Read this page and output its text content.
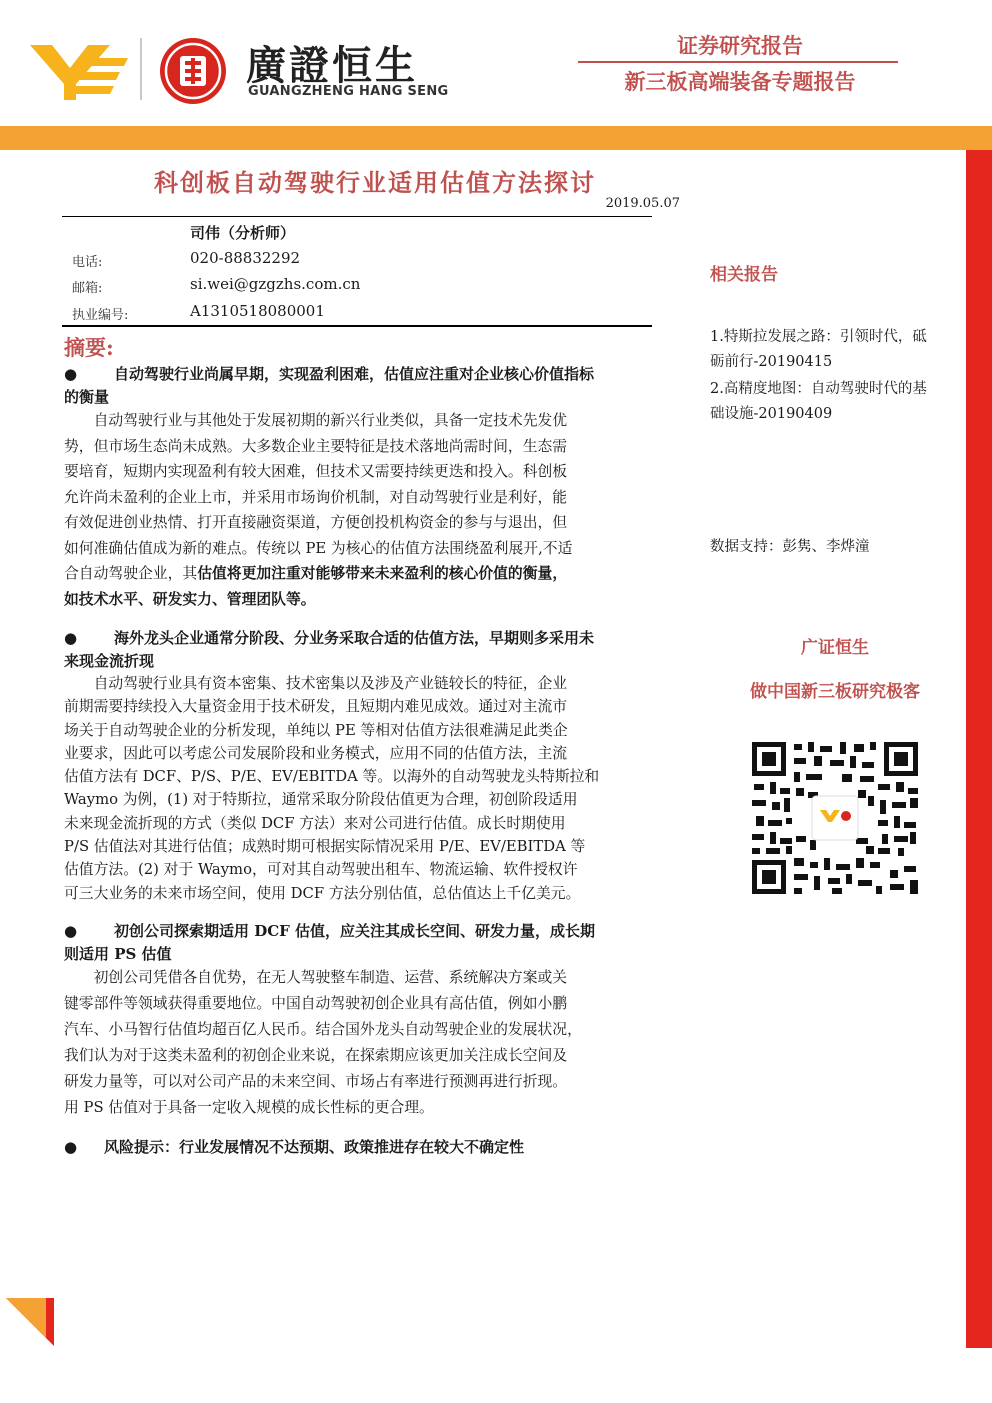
廣證恒生
GUANGZHENG HANG SENG
证券研究报告
新三板高端装备专题报告
科创板自动驾驶行业适用估值方法探讨
2019.05.07
司伟（分析师）
电话:	020-88832292
邮箱:	si.wei@gzgzhs.com.cn
执业编号:	A1310518080001
摘要:
● 自动驾驶行业尚属早期，实现盈利困难，估值应注重对企业核心价值指标
的衡量
自动驾驶行业与其他处于发展初期的新兴行业类似，具备一定技术先发优
势，但市场生态尚未成熟。大多数企业主要特征是技术落地尚需时间，生态需
要培育，短期内实现盈利有较大困难，但技术又需要持续更迭和投入。科创板
允许尚未盈利的企业上市，并采用市场询价机制，对自动驾驶行业是利好，能
有效促进创业热情、打开直接融资渠道，方便创投机构资金的参与与退出，但
如何准确估值成为新的难点。传统以 PE 为核心的估值方法围绕盈利展开,不适
合自动驾驶企业，其估值将更加注重对能够带来未来盈利的核心价值的衡量，
如技术水平、研发实力、管理团队等。
● 海外龙头企业通常分阶段、分业务采取合适的估值方法，早期则多采用未
来现金流折现
自动驾驶行业具有资本密集、技术密集以及涉及产业链较长的特征，企业
前期需要持续投入大量资金用于技术研发，且短期内难见成效。通过对主流市
场关于自动驾驶企业的分析发现，单纯以 PE 等相对估值方法很难满足此类企
业要求，因此可以考虑公司发展阶段和业务模式，应用不同的估值方法，主流
估值方法有 DCF、P/S、P/E、EV/EBITDA 等。以海外的自动驾驶龙头特斯拉和
Waymo 为例，(1) 对于特斯拉，通常采取分阶段估值更为合理，初创阶段适用
未来现金流折现的方式（类似 DCF 方法）来对公司进行估值。成长时期使用
P/S 估值法对其进行估值；成熟时期可根据实际情况采用 P/E、EV/EBITDA 等
估值方法。(2) 对于 Waymo，可对其自动驾驶出租车、物流运输、软件授权许
可三大业务的未来市场空间，使用 DCF 方法分别估值，总估值达上千亿美元。
● 初创公司探索期适用 DCF 估值，应关注其成长空间、研发力量，成长期
则适用 PS 估值
初创公司凭借各自优势，在无人驾驶整车制造、运营、系统解决方案或关
键零部件等领域获得重要地位。中国自动驾驶初创企业具有高估值，例如小鹏
汽车、小马智行估值均超百亿人民币。结合国外龙头自动驾驶企业的发展状况，
我们认为对于这类未盈利的初创企业来说，在探索期应该更加关注成长空间及
研发力量等，可以对公司产品的未来空间、市场占有率进行预测再进行折现。
用 PS 估值对于具备一定收入规模的成长性标的更合理。
● 风险提示：行业发展情况不达预期、政策推进存在较大不确定性
相关报告
1.特斯拉发展之路：引领时代，砥
砺前行-20190415
2.高精度地图：自动驾驶时代的基
础设施-20190409
数据支持：彭隽、李烨潼
广证恒生
做中国新三板研究极客
